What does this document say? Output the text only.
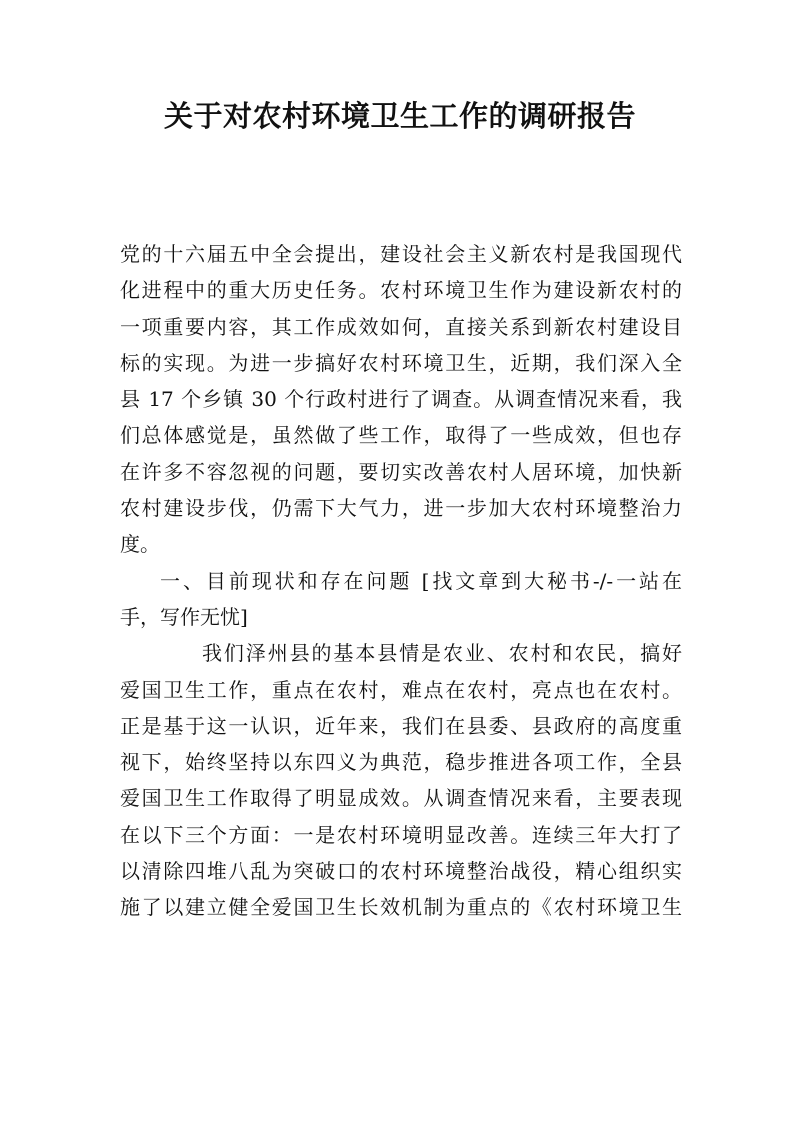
关于对农村环境卫生工作的调研报告
党的十六届五中全会提出，建设社会主义新农村是我国现代
化进程中的重大历史任务。农村环境卫生作为建设新农村的
一项重要内容，其工作成效如何，直接关系到新农村建设目
标的实现。为进一步搞好农村环境卫生，近期，我们深入全
县 17 个乡镇 30 个行政村进行了调查。从调查情况来看，我
们总体感觉是，虽然做了些工作，取得了一些成效，但也存
在许多不容忽视的问题，要切实改善农村人居环境，加快新
农村建设步伐，仍需下大气力，进一步加大农村环境整治力
度。
一、目前现状和存在问题 [找文章到大秘书-/-一站在
手，写作无忧]
我们泽州县的基本县情是农业、农村和农民，搞好
爱国卫生工作，重点在农村，难点在农村，亮点也在农村。
正是基于这一认识，近年来，我们在县委、县政府的高度重
视下，始终坚持以东四义为典范，稳步推进各项工作，全县
爱国卫生工作取得了明显成效。从调查情况来看，主要表现
在以下三个方面：一是农村环境明显改善。连续三年大打了
以清除四堆八乱为突破口的农村环境整治战役，精心组织实
施了以建立健全爱国卫生长效机制为重点的《农村环境卫生
